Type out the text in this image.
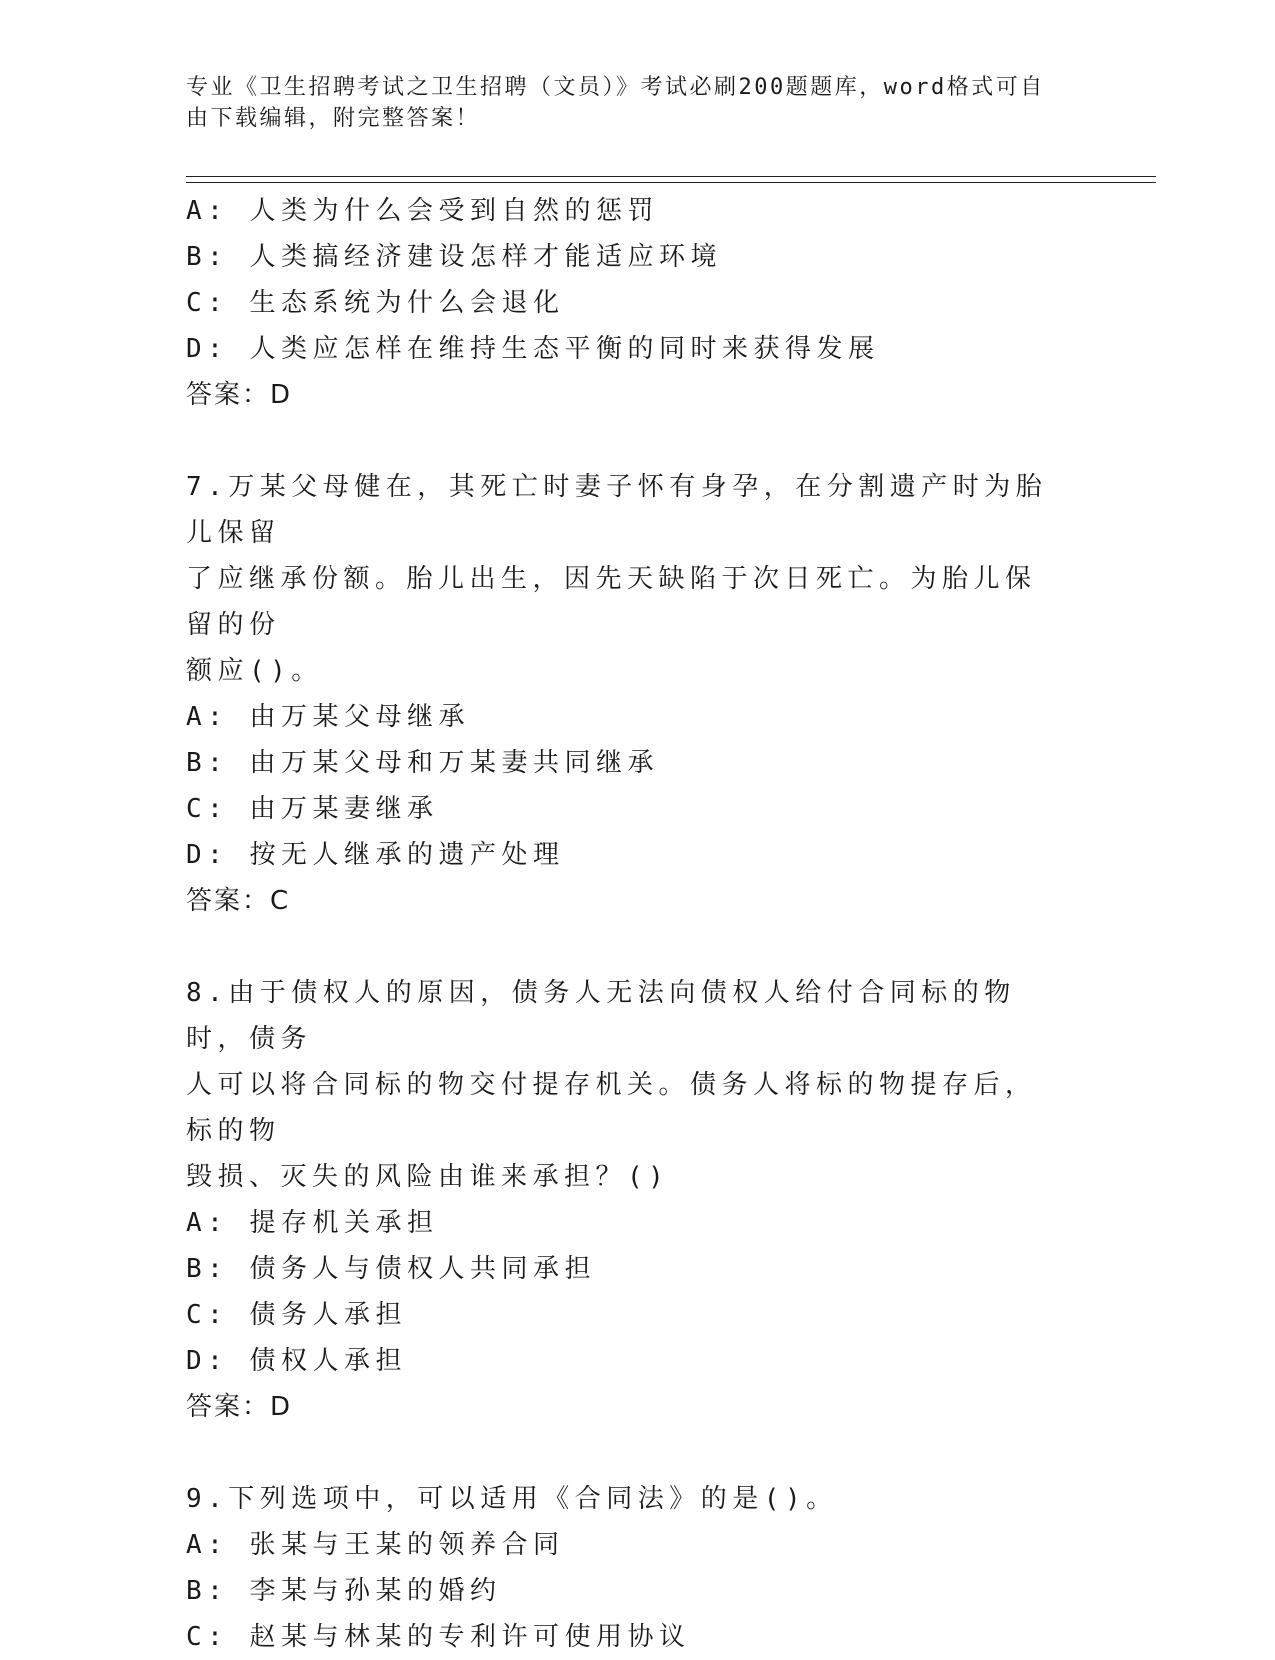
专业《卫生招聘考试之卫生招聘（文员）》考试必刷200题题库，word格式可自
由下载编辑，附完整答案！
A: 人类为什么会受到自然的惩罚
B: 人类搞经济建设怎样才能适应环境
C: 生态系统为什么会退化
D: 人类应怎样在维持生态平衡的同时来获得发展
答案：D
7.万某父母健在，其死亡时妻子怀有身孕，在分割遗产时为胎儿保留
了应继承份额。胎儿出生，因先天缺陷于次日死亡。为胎儿保留的份
额应()。
A: 由万某父母继承
B: 由万某父母和万某妻共同继承
C: 由万某妻继承
D: 按无人继承的遗产处理
答案：C
8.由于债权人的原因，债务人无法向债权人给付合同标的物时，债务
人可以将合同标的物交付提存机关。债务人将标的物提存后，标的物
毁损、灭失的风险由谁来承担？()
A: 提存机关承担
B: 债务人与债权人共同承担
C: 债务人承担
D: 债权人承担
答案：D
9.下列选项中，可以适用《合同法》的是()。
A: 张某与王某的领养合同
B: 李某与孙某的婚约
C: 赵某与林某的专利许可使用协议
